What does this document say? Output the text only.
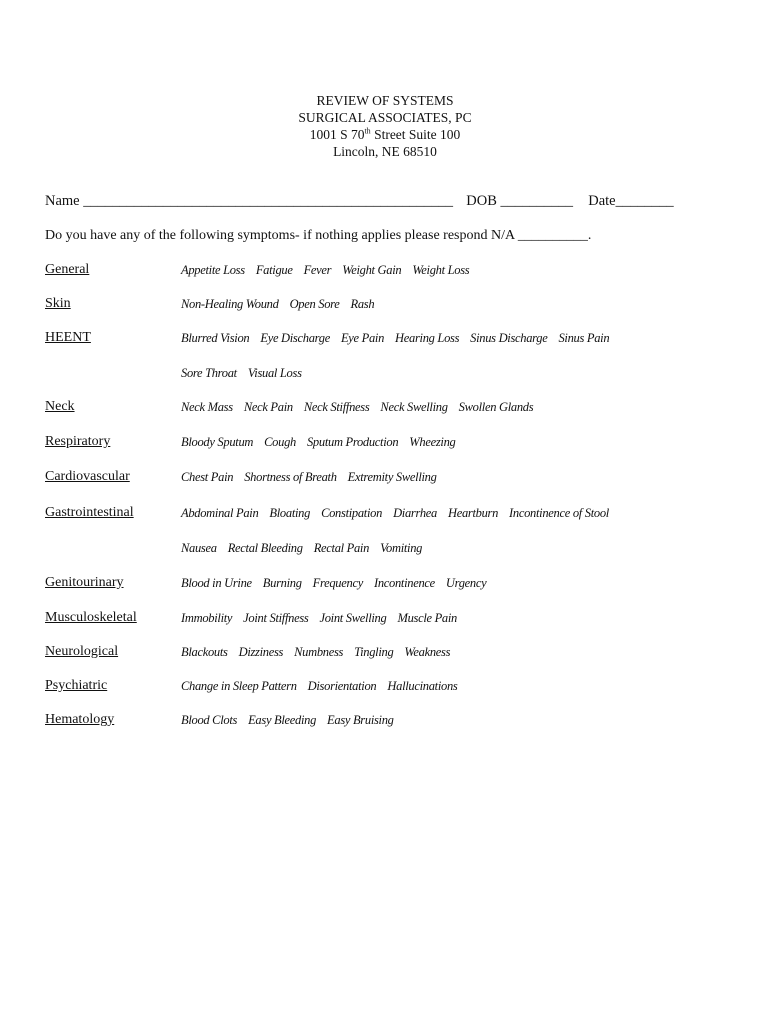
REVIEW OF SYSTEMS
SURGICAL ASSOCIATES, PC
1001 S 70th Street Suite 100
Lincoln, NE 68510
Name ___________________________________________________ DOB __________ Date________
Do you have any of the following symptoms- if nothing applies please respond N/A __________.
General	Appetite Loss Fatigue Fever Weight Gain Weight Loss
Skin	Non-Healing Wound Open Sore Rash
HEENT	Blurred Vision Eye Discharge Eye Pain Hearing Loss Sinus Discharge Sinus Pain
Sore Throat Visual Loss
Neck	Neck Mass Neck Pain Neck Stiffness Neck Swelling Swollen Glands
Respiratory	Bloody Sputum Cough Sputum Production Wheezing
Cardiovascular	Chest Pain Shortness of Breath Extremity Swelling
Gastrointestinal	Abdominal Pain Bloating Constipation Diarrhea Heartburn Incontinence of Stool
Nausea Rectal Bleeding Rectal Pain Vomiting
Genitourinary	Blood in Urine Burning Frequency Incontinence Urgency
Musculoskeletal	Immobility Joint Stiffness Joint Swelling Muscle Pain
Neurological	Blackouts Dizziness Numbness Tingling Weakness
Psychiatric	Change in Sleep Pattern Disorientation Hallucinations
Hematology	Blood Clots Easy Bleeding Easy Bruising
